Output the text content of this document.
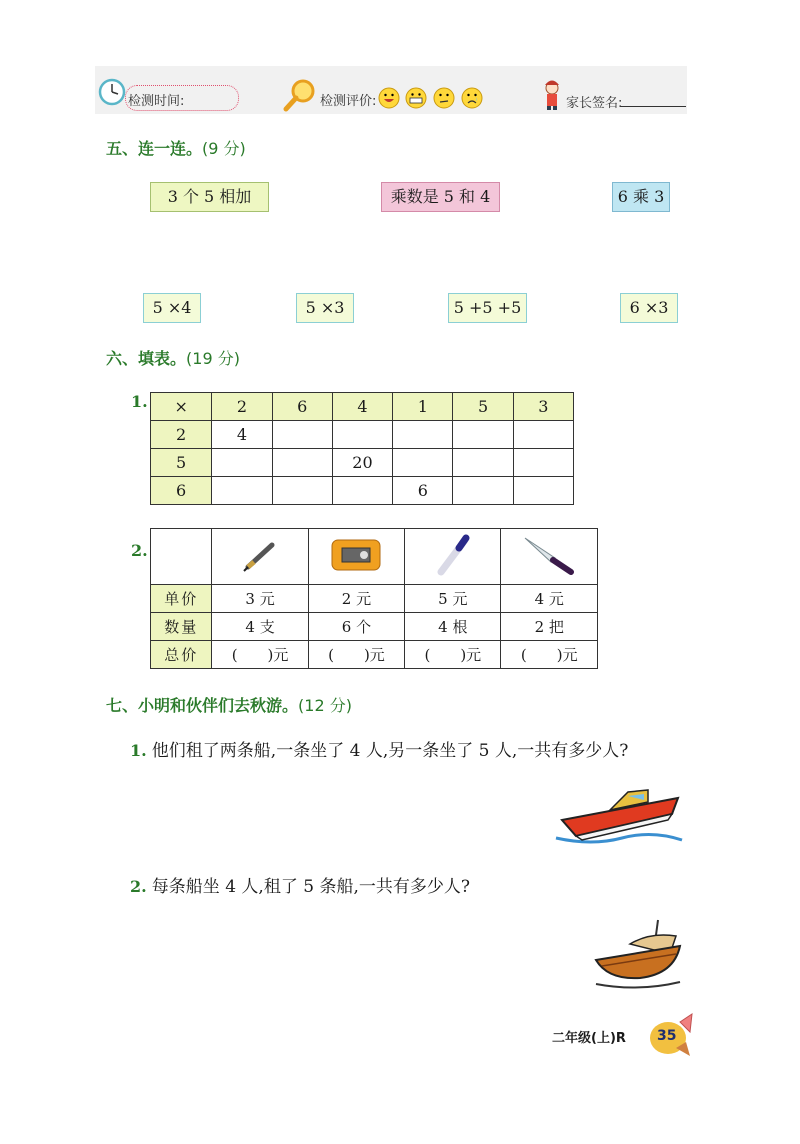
检测时间:	检测评价:	家长签名:
五、连一连。(9 分)
3 个 5 相加	乘数是 5 和 4	6 乘 3
5 ×4	5 ×3	5 +5 +5	6 ×3
六、填表。(19 分)
1. ×	2	6	4	1	5	3
2	4					
5			20			
6				6		
2.

单价	3 元	2 元	5 元	4 元
数量	4 支	6 个	4 根	2 把
总价	(　　)元	(　　)元	(　　)元	(　　)元
七、小明和伙伴们去秋游。(12 分)
1. 他们租了两条船,一条坐了 4 人,另一条坐了 5 人,一共有多少人?
2. 每条船坐 4 人,租了 5 条船,一共有多少人?
二年级(上)R 35
